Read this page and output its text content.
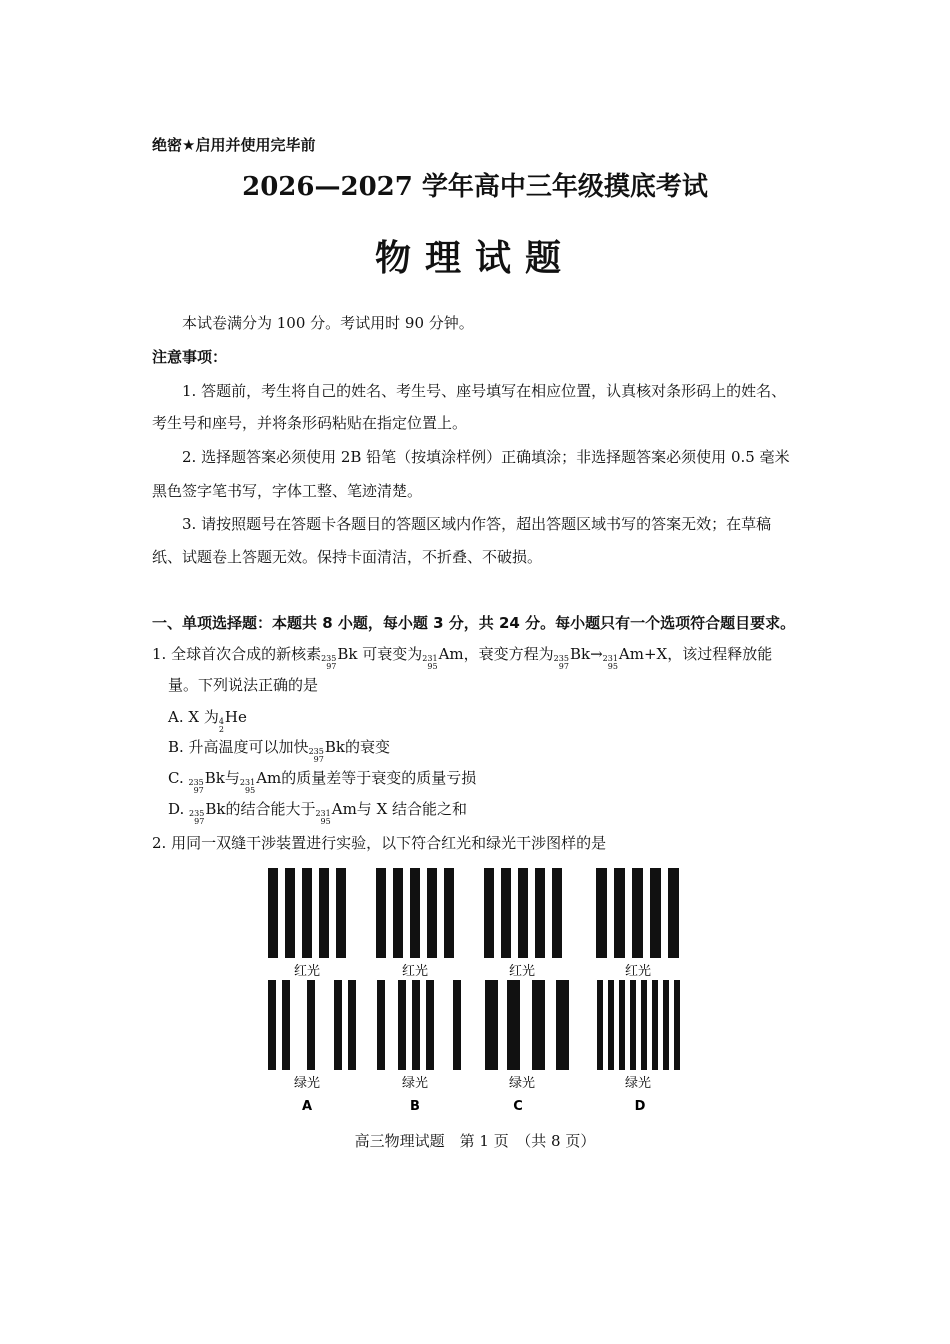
绝密★启用并使用完毕前
2026—2027 学年高中三年级摸底考试
物理试题
本试卷满分为 100 分。考试用时 90 分钟。
注意事项：
1. 答题前，考生将自己的姓名、考生号、座号填写在相应位置，认真核对条形码上的姓名、
考生号和座号，并将条形码粘贴在指定位置上。
2. 选择题答案必须使用 2B 铅笔（按填涂样例）正确填涂；非选择题答案必须使用 0.5 毫米
黑色签字笔书写，字体工整、笔迹清楚。
3. 请按照题号在答题卡各题目的答题区域内作答，超出答题区域书写的答案无效；在草稿
纸、试题卷上答题无效。保持卡面清洁，不折叠、不破损。
一、单项选择题：本题共 8 小题，每小题 3 分，共 24 分。每小题只有一个选项符合题目要求。
1. 全球首次合成的新核素 235
97
Bk 可衰变为 231
95
Am，衰变方程为 235
97
Bk→ 231
95
Am+X，该过程释放能
量。下列说法正确的是
A. X 为 4
2
He
B. 升高温度可以加快 235
97
Bk的衰变
C. 235
97
Bk与 231
95
Am的质量差等于衰变的质量亏损
D. 235
97
Bk的结合能大于 231
95
Am与 X 结合能之和
2. 用同一双缝干涉装置进行实验，以下符合红光和绿光干涉图样的是
红光	红光	红光	红光
绿光	绿光	绿光	绿光
A	B	C	D
高三物理试题　第 1 页　（共 8 页）
